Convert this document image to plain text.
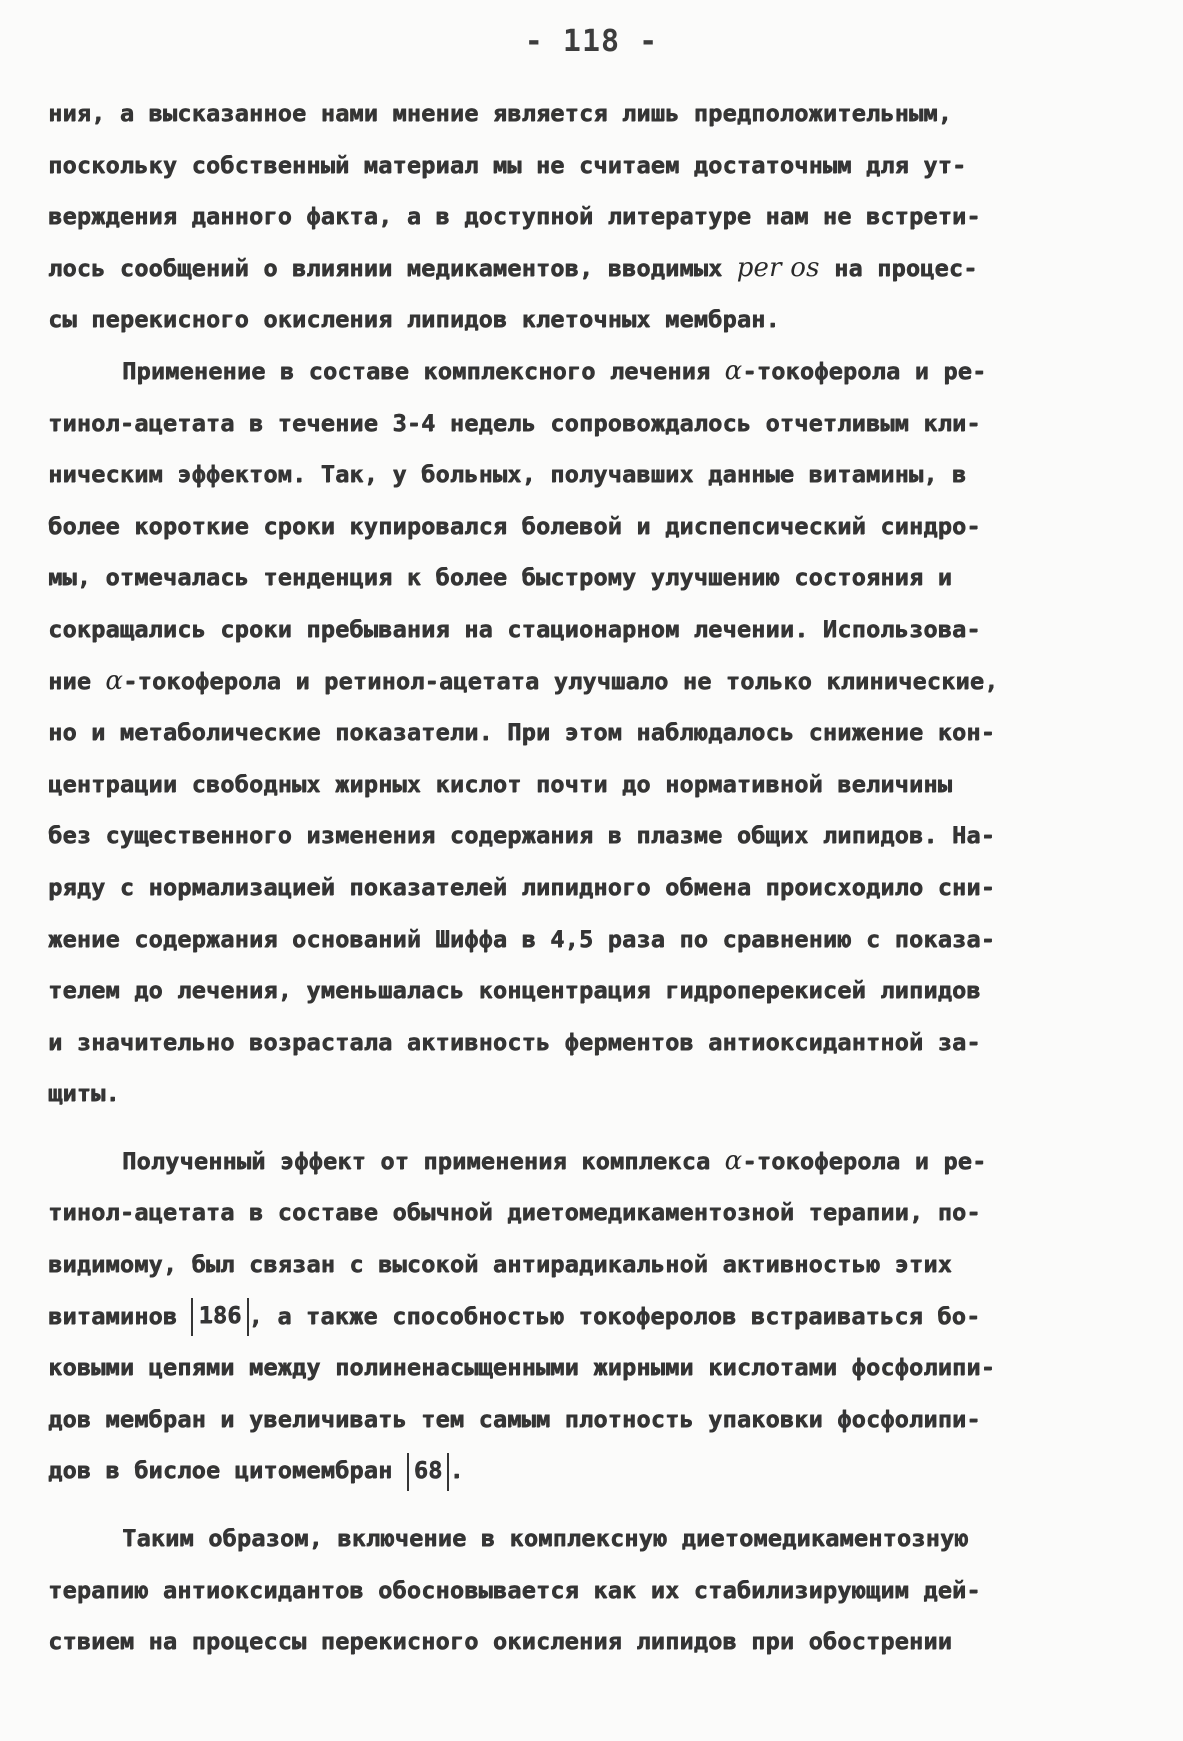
- 118 -
ния, а высказанное нами мнение является лишь предположительным,
поскольку собственный материал мы не считаем достаточным для ут-
верждения данного факта, а в доступной литературе нам не встрети-
лось сообщений о влиянии медикаментов, вводимых per os на процес-
сы перекисного окисления липидов клеточных мембран.
Применение в составе комплексного лечения α-токоферола и ре-
тинол-ацетата в течение 3-4 недель сопровождалось отчетливым кли-
ническим эффектом. Так, у больных, получавших данные витамины, в
более короткие сроки купировался болевой и диспепсический синдро-
мы, отмечалась тенденция к более быстрому улучшению состояния и
сокращались сроки пребывания на стационарном лечении. Использова-
ние α-токоферола и ретинол-ацетата улучшало не только клинические,
но и метаболические показатели. При этом наблюдалось снижение кон-
центрации свободных жирных кислот почти до нормативной величины
без существенного изменения содержания в плазме общих липидов. На-
ряду с нормализацией показателей липидного обмена происходило сни-
жение содержания оснований Шиффа в 4,5 раза по сравнению с показа-
телем до лечения, уменьшалась концентрация гидроперекисей липидов
и значительно возрастала активность ферментов антиоксидантной за-
щиты.
Полученный эффект от применения комплекса α-токоферола и ре-
тинол-ацетата в составе обычной диетомедикаментозной терапии, по-
видимому, был связан с высокой антирадикальной активностью этих
витаминов 186 , а также способностью токоферолов встраиваться бо-
ковыми цепями между полиненасыщенными жирными кислотами фосфолипи-
дов мембран и увеличивать тем самым плотность упаковки фосфолипи-
дов в бислое цитомембран 68 .
Таким образом, включение в комплексную диетомедикаментозную
терапию антиоксидантов обосновывается как их стабилизирующим дей-
ствием на процессы перекисного окисления липидов при обострении
